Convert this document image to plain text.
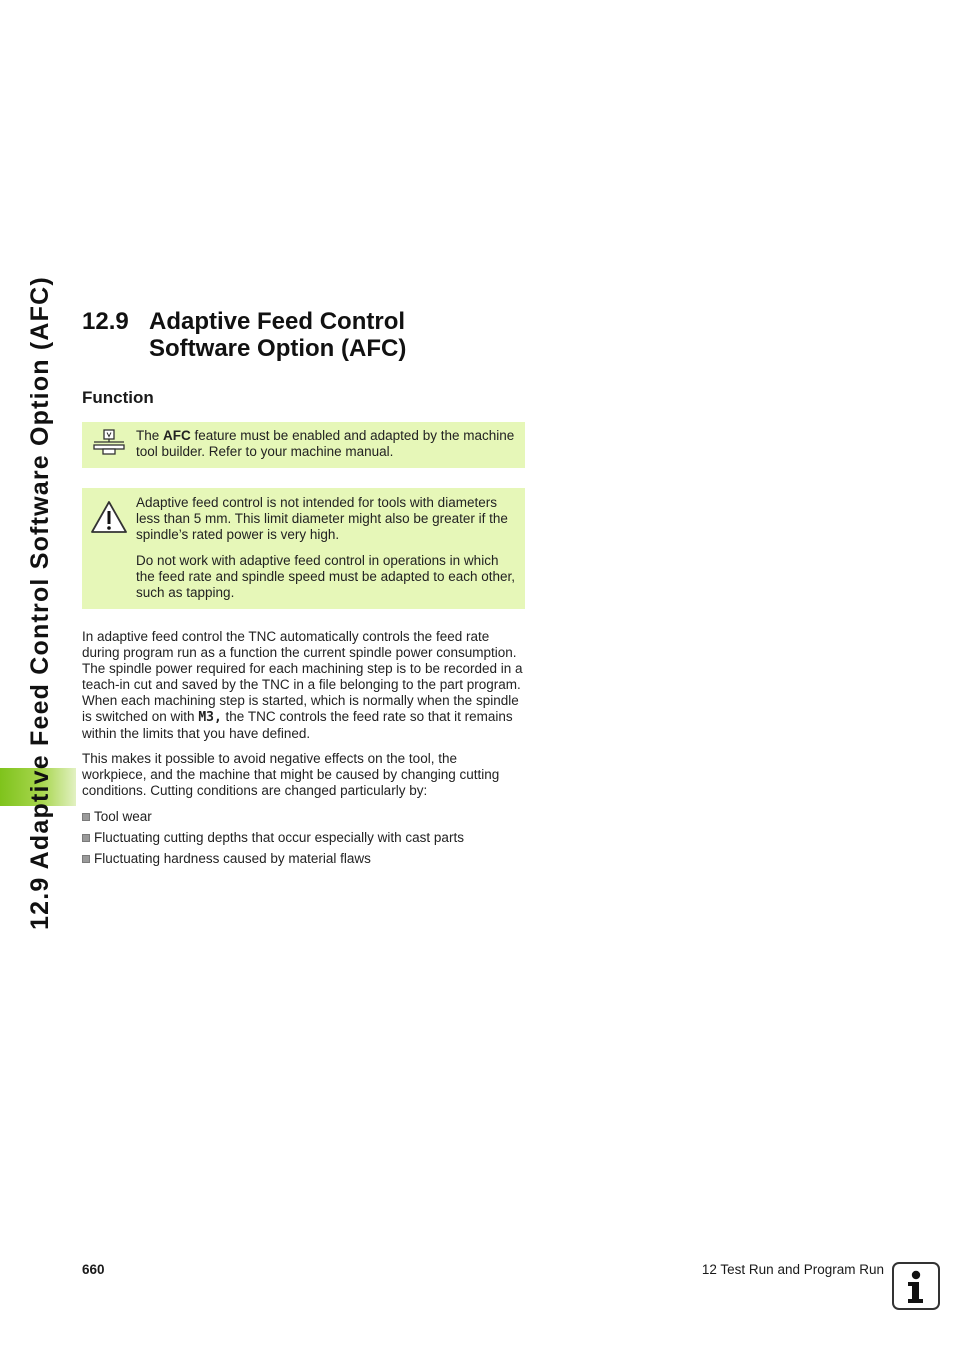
12.9 Adaptive Feed Control Software Option (AFC)	12.9 Adaptive Feed Control
Software Option (AFC)
Function

The AFC feature must be enabled and adapted by the machine tool builder. Refer to your machine manual.

Adaptive feed control is not intended for tools with diameters less than 5 mm. This limit diameter might also be greater if the spindle’s rated power is very high.

Do not work with adaptive feed control in operations in which the feed rate and spindle speed must be adapted to each other, such as tapping.

In adaptive feed control the TNC automatically controls the feed rate during program run as a function the current spindle power consumption. The spindle power required for each machining step is to be recorded in a teach-in cut and saved by the TNC in a file belonging to the part program. When each machining step is started, which is normally when the spindle is switched on with M3, the TNC controls the feed rate so that it remains within the limits that you have defined.

This makes it possible to avoid negative effects on the tool, the workpiece, and the machine that might be caused by changing cutting conditions. Cutting conditions are changed particularly by:

Tool wear
Fluctuating cutting depths that occur especially with cast parts
Fluctuating hardness caused by material flaws
660	12 Test Run and Program Run
